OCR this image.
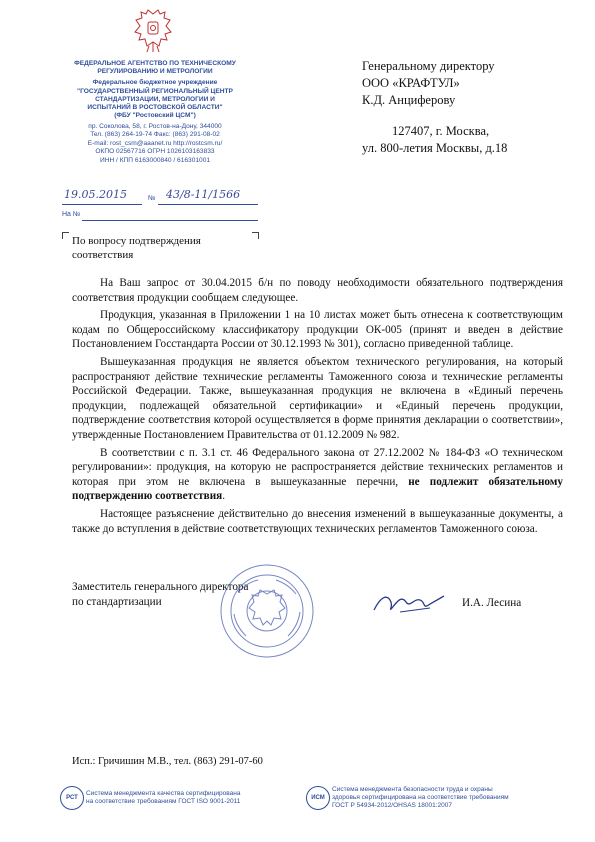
ФЕДЕРАЛЬНОЕ АГЕНТСТВО ПО ТЕХНИЧЕСКОМУ
РЕГУЛИРОВАНИЮ И МЕТРОЛОГИИ
Федеральное бюджетное учреждение
"ГОСУДАРСТВЕННЫЙ РЕГИОНАЛЬНЫЙ ЦЕНТР
СТАНДАРТИЗАЦИИ, МЕТРОЛОГИИ И
ИСПЫТАНИЙ В РОСТОВСКОЙ ОБЛАСТИ"
(ФБУ "Ростовский ЦСМ")
пр. Соколова, 58, г. Ростов-на-Дону, 344000
Тел. (863) 264-19-74 Факс: (863) 291-08-02
E-mail: rost_csm@aaanet.ru http://rostcsm.ru/
ОКПО 02567716 ОГРН 1026103163833
ИНН / КПП 6163000840 / 616301001
№
19.05.2015	43/8-11/1566
На №
Генеральному директору
ООО «КРАФТУЛ»
К.Д. Анциферову
127407, г. Москва,
ул. 800-летия Москвы, д.18
По вопросу подтверждения
соответствия

На Ваш запрос от 30.04.2015 б/н по поводу необходимости обязательного подтверждения соответствия продукции сообщаем следующее.

Продукция, указанная в Приложении 1 на 10 листах может быть отнесена к соответствующим кодам по Общероссийскому классификатору продукции ОК-005 (принят и введен в действие Постановлением Госстандарта России от 30.12.1993 № 301), согласно приведенной таблице.

Вышеуказанная продукция не является объектом технического регулирования, на который распространяют действие технические регламенты Таможенного союза и технические регламенты Российской Федерации. Также, вышеуказанная продукция не включена в «Единый перечень продукции, подлежащей обязательной сертификации» и «Единый перечень продукции, подтверждение соответствия которой осуществляется в форме принятия декларации о соответствии», утвержденные Постановлением Правительства от 01.12.2009 № 982.

В соответствии с п. 3.1 ст. 46 Федерального закона от 27.12.2002 № 184-ФЗ «О техническом регулировании»: продукция, на которую не распространяется действие технических регламентов и которая при этом не включена в вышеуказанные перечни, не подлежит обязательному подтверждению соответствия.

Настоящее разъяснение действительно до внесения изменений в вышеуказанные документы, а также до вступления в действие соответствующих технических регламентов Таможенного союза.

Заместитель генерального директора
по стандартизации	И.А. Лесина
Исп.: Гричишин М.В., тел. (863) 291-07-60
РСТ
Система менеджмента качества сертифицирована
на соответствие требованиям ГОСТ ISO 9001-2011	ИСМ
Система менеджмента безопасности труда и охраны
здоровья сертифицирована на соответствие требованиям
ГОСТ Р 54934-2012/OHSAS 18001:2007
